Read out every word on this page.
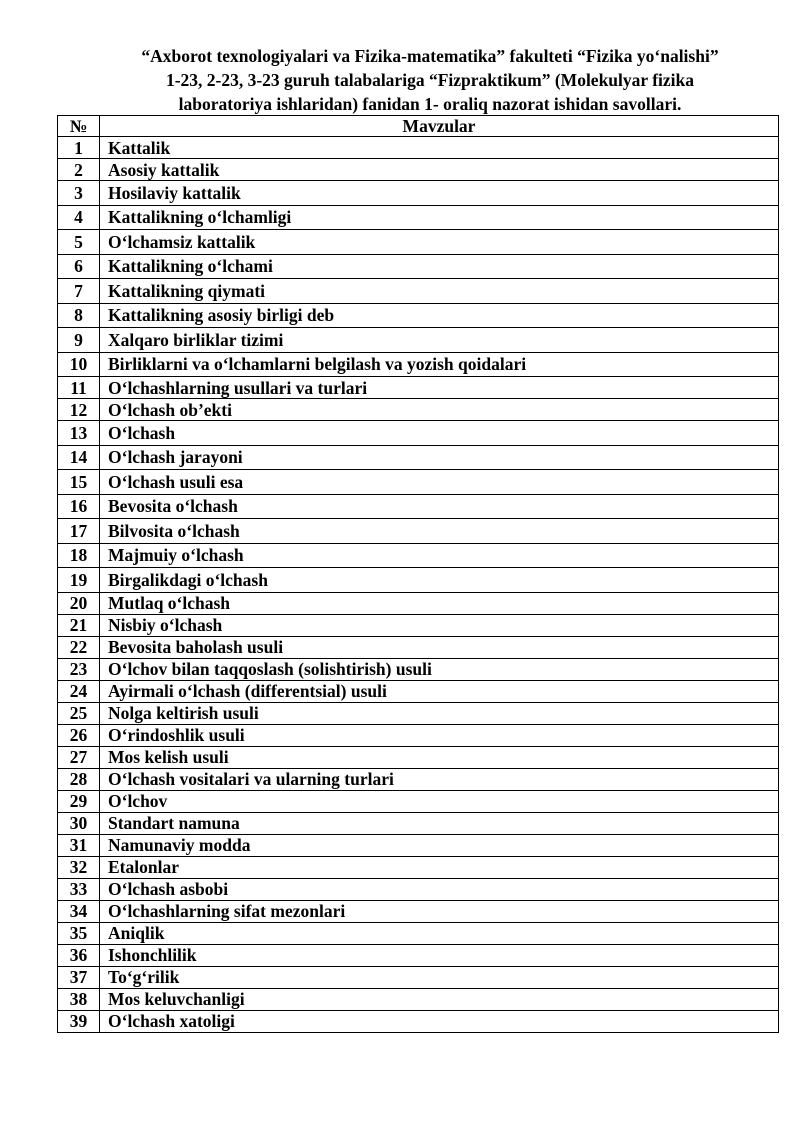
“Axborot texnologiyalari va Fizika-matematika” fakulteti “Fizika yo‘nalishi”
1-23, 2-23, 3-23 guruh talabalariga “Fizpraktikum” (Molekulyar fizika
laboratoriya ishlaridan) fanidan 1- oraliq nazorat ishidan savollari.
№	Mavzular
1	Kattalik
2	Asosiy kattalik
3	Hosilaviy kattalik
4	Kattalikning o‘lchamligi
5	O‘lchamsiz kattalik
6	Kattalikning o‘lchami
7	Kattalikning qiymati
8	Kattalikning asosiy birligi deb
9	Xalqaro birliklar tizimi
10	Birliklarni va o‘lchamlarni belgilash va yozish qoidalari
11	O‘lchashlarning usullari va turlari
12	O‘lchash ob’ekti
13	O‘lchash
14	O‘lchash jarayoni
15	O‘lchash usuli esa
16	Bevosita o‘lchash
17	Bilvosita o‘lchash
18	Majmuiy o‘lchash
19	Birgalikdagi o‘lchash
20	Mutlaq o‘lchash
21	Nisbiy o‘lchash
22	Bevosita baholash usuli
23	O‘lchov bilan taqqoslash (solishtirish) usuli
24	Ayirmali o‘lchash (differentsial) usuli
25	Nolga keltirish usuli
26	O‘rindoshlik usuli
27	Mos kelish usuli
28	O‘lchash vositalari va ularning turlari
29	O‘lchov
30	Standart namuna
31	Namunaviy modda
32	Etalonlar
33	O‘lchash asbobi
34	O‘lchashlarning sifat mezonlari
35	Aniqlik
36	Ishonchlilik
37	To‘g‘rilik
38	Mos keluvchanligi
39	O‘lchash xatoligi
